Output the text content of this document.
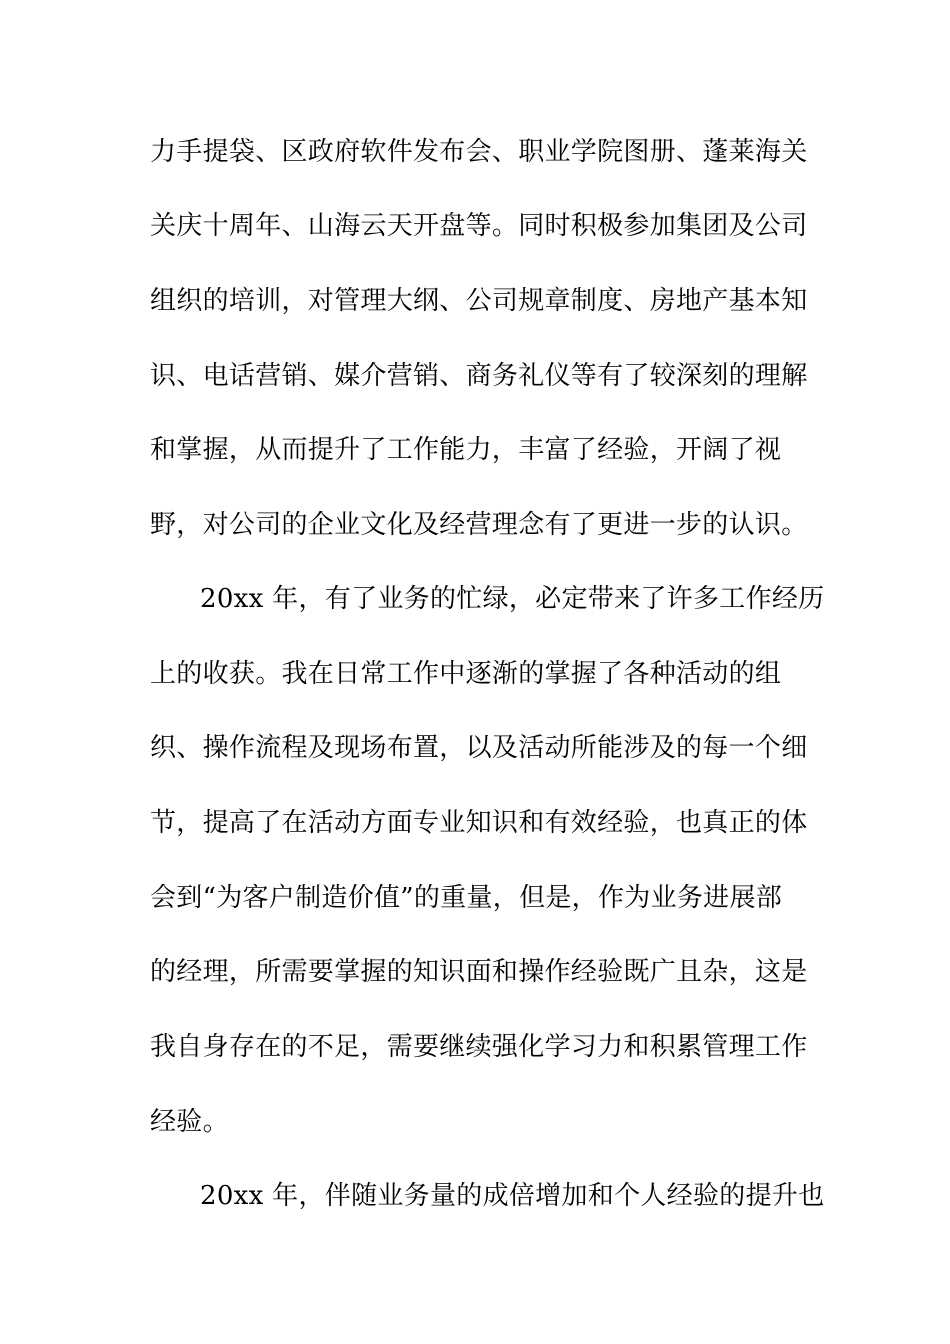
力手提袋、区政府软件发布会、职业学院图册、蓬莱海关
关庆十周年、山海云天开盘等。同时积极参加集团及公司
组织的培训，对管理大纲、公司规章制度、房地产基本知
识、电话营销、媒介营销、商务礼仪等有了较深刻的理解
和掌握，从而提升了工作能力，丰富了经验，开阔了视
野，对公司的企业文化及经营理念有了更进一步的认识。
20xx 年，有了业务的忙绿，必定带来了许多工作经历
上的收获。我在日常工作中逐渐的掌握了各种活动的组
织、操作流程及现场布置，以及活动所能涉及的每一个细
节，提高了在活动方面专业知识和有效经验，也真正的体
会到“为客户制造价值”的重量，但是，作为业务进展部
的经理，所需要掌握的知识面和操作经验既广且杂，这是
我自身存在的不足，需要继续强化学习力和积累管理工作
经验。
20xx 年，伴随业务量的成倍增加和个人经验的提升也
